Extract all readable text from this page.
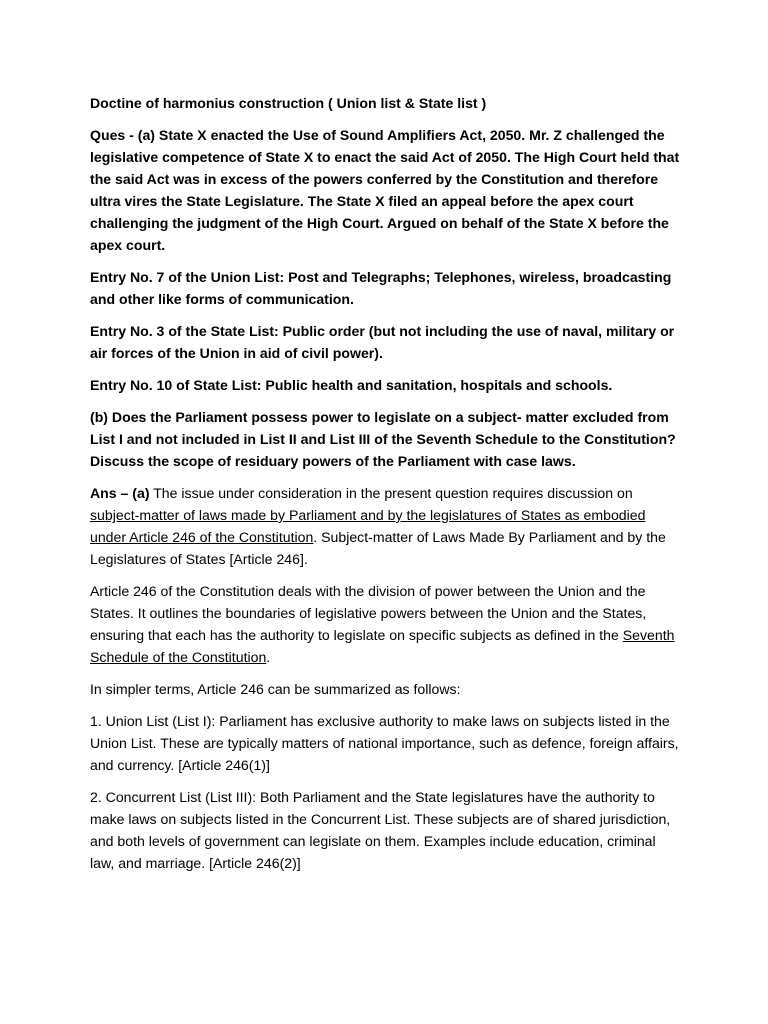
Doctine of harmonius construction ( Union list & State list )

Ques - (a) State X enacted the Use of Sound Amplifiers Act, 2050. Mr. Z challenged the legislative competence of State X to enact the said Act of 2050. The High Court held that the said Act was in excess of the powers conferred by the Constitution and therefore ultra vires the State Legislature. The State X filed an appeal before the apex court challenging the judgment of the High Court. Argued on behalf of the State X before the apex court.

Entry No. 7 of the Union List: Post and Telegraphs; Telephones, wireless, broadcasting and other like forms of communication.

Entry No. 3 of the State List: Public order (but not including the use of naval, military or air forces of the Union in aid of civil power).

Entry No. 10 of State List: Public health and sanitation, hospitals and schools.

(b) Does the Parliament possess power to legislate on a subject- matter excluded from List I and not included in List II and List III of the Seventh Schedule to the Constitution? Discuss the scope of residuary powers of the Parliament with case laws.

Ans – (a) The issue under consideration in the present question requires discussion on subject-matter of laws made by Parliament and by the legislatures of States as embodied under Article 246 of the Constitution. Subject-matter of Laws Made By Parliament and by the Legislatures of States [Article 246].

Article 246 of the Constitution deals with the division of power between the Union and the States. It outlines the boundaries of legislative powers between the Union and the States, ensuring that each has the authority to legislate on specific subjects as defined in the Seventh Schedule of the Constitution.

In simpler terms, Article 246 can be summarized as follows:

1. Union List (List I): Parliament has exclusive authority to make laws on subjects listed in the Union List. These are typically matters of national importance, such as defence, foreign affairs, and currency. [Article 246(1)]

2. Concurrent List (List III): Both Parliament and the State legislatures have the authority to make laws on subjects listed in the Concurrent List. These subjects are of shared jurisdiction, and both levels of government can legislate on them. Examples include education, criminal law, and marriage. [Article 246(2)]
